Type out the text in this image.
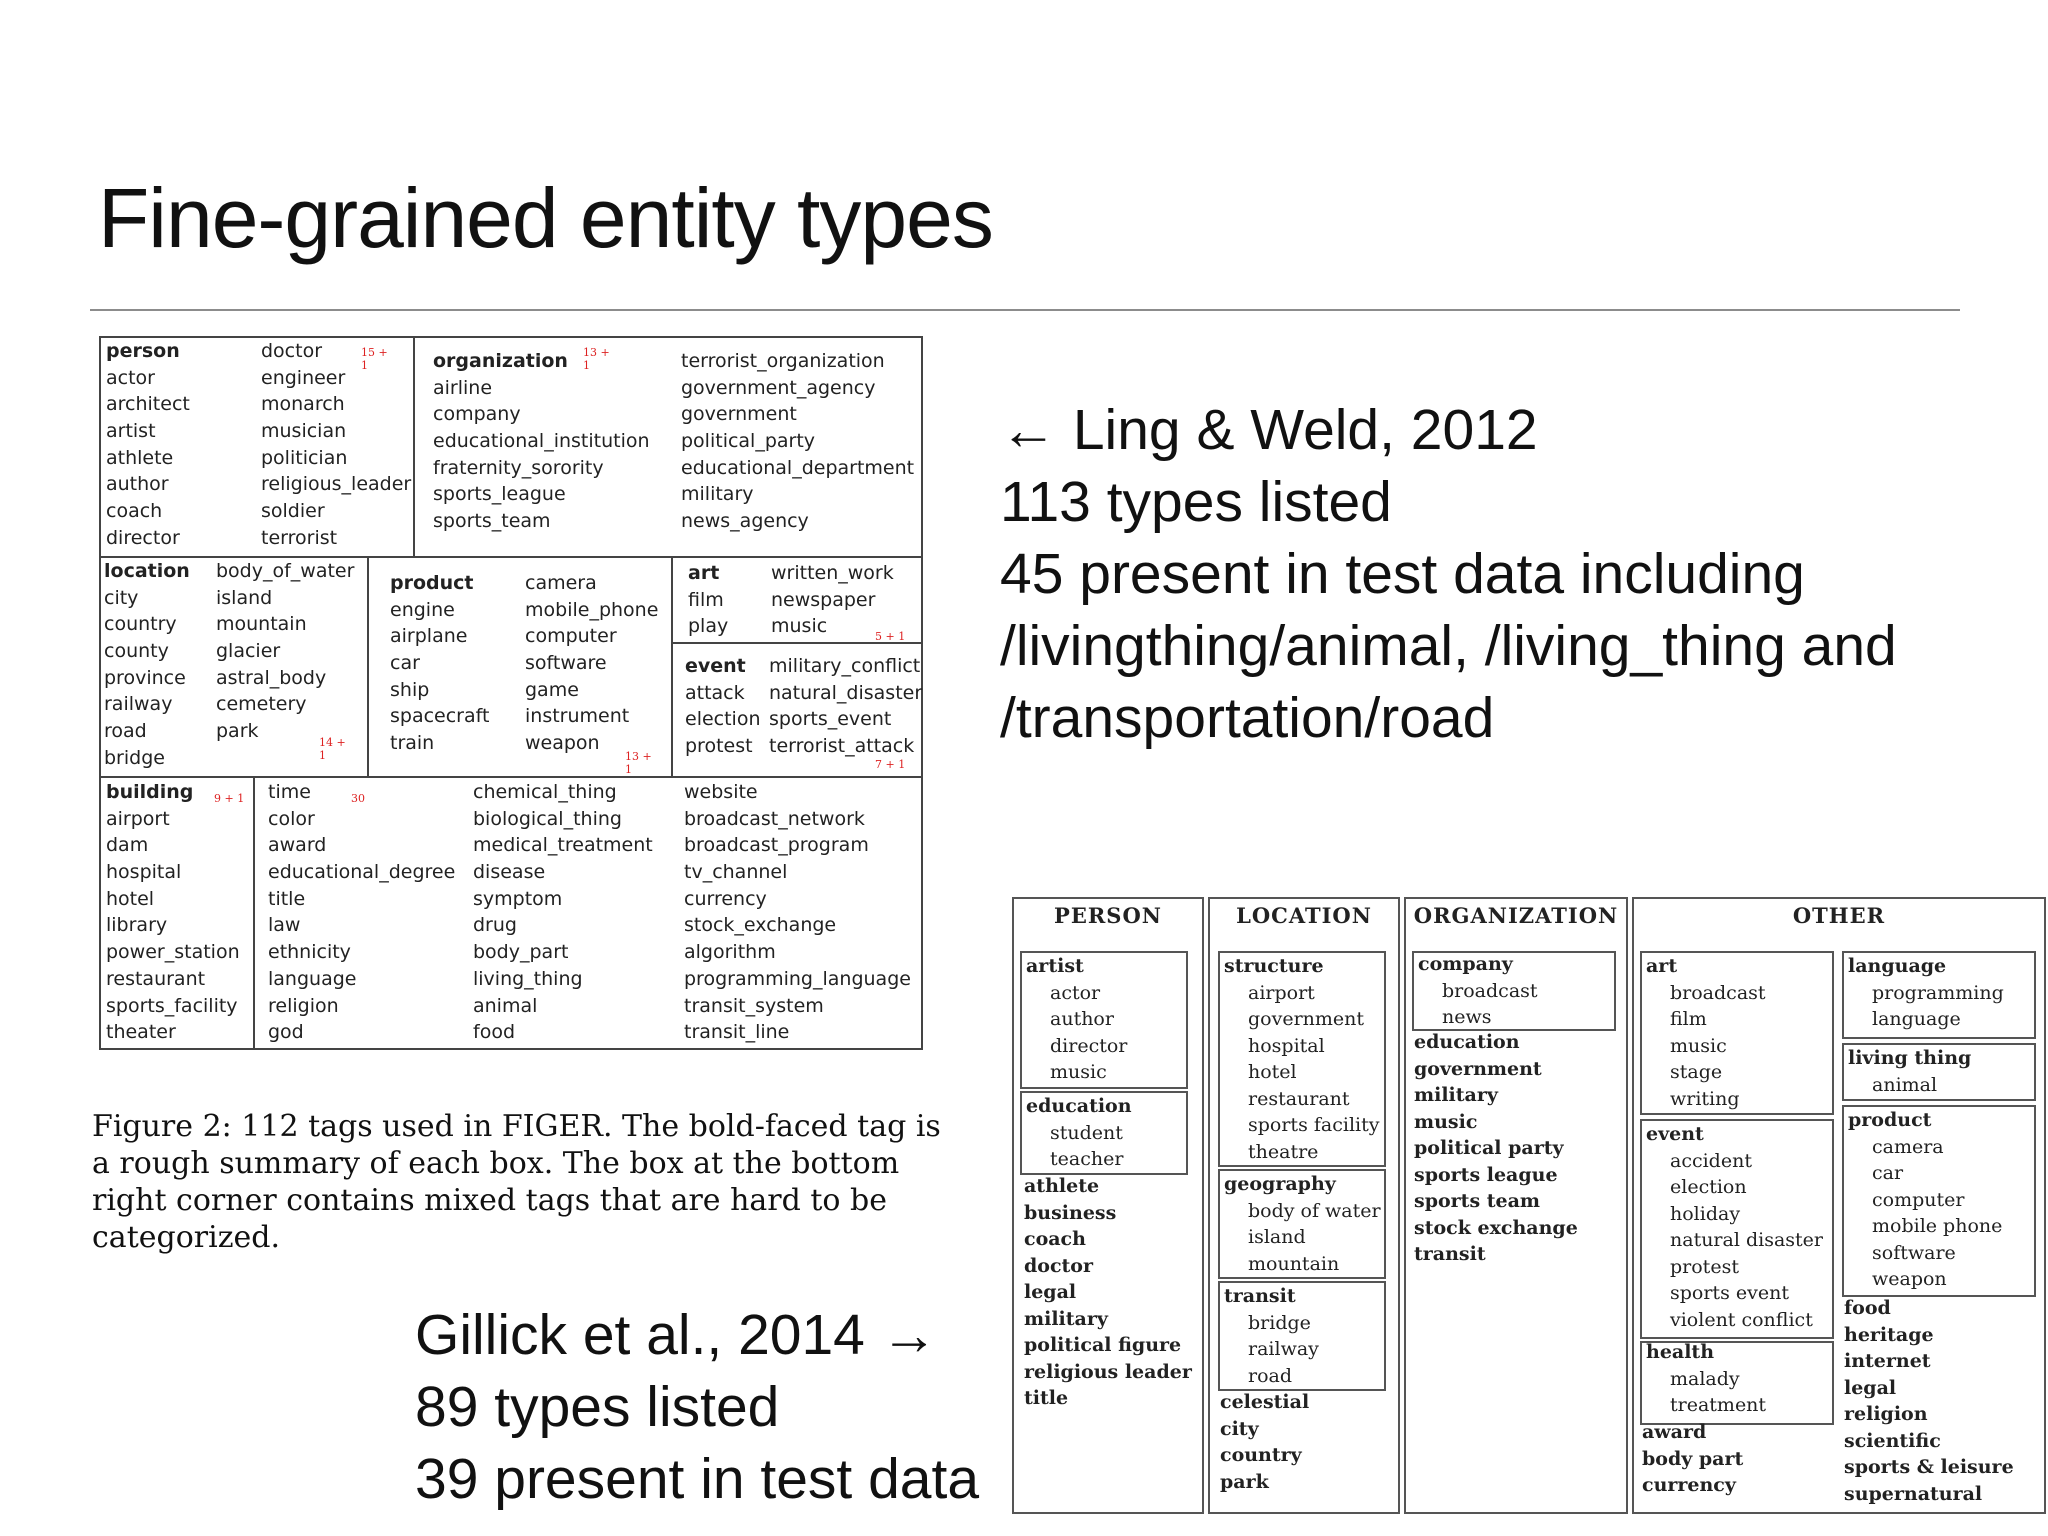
Fine-grained entity types
← Ling & Weld, 2012
113 types listed
45 present in test data including
/livingthing/animal, /living_thing and
/transportation/road
Gillick et al., 2014 →
89 types listed
39 present in test data
person
actor
architect
artist
athlete
author
coach
director
doctor
engineer
monarch
musician
politician
religious_leader
soldier
terrorist
15 +
1	organization
airline
company
educational_institution
fraternity_sorority
sports_league
sports_team
terrorist_organization
government_agency
government
political_party
educational_department
military
news_agency
13 +
1
location
city
country
county
province
railway
road
bridge
body_of_water
island
mountain
glacier
astral_body
cemetery
park
14 +
1
product
engine
airplane
car
ship
spacecraft
train
camera
mobile_phone
computer
software
game
instrument
weapon
13 +
1
art
film
play
written_work
newspaper
music	5 + 1
event
attack
election
protest
military_conflict
natural_disaster
sports_event
terrorist_attack
7 + 1
building
airport
dam
hospital
hotel
library
power_station
restaurant
sports_facility
theater
9 + 1 time
color
award
educational_degree
title
law
ethnicity
language
religion
god
chemical_thing
biological_thing
medical_treatment
disease
symptom
drug
body_part
living_thing
animal
food
website
broadcast_network
broadcast_program
tv_channel
currency
stock_exchange
algorithm
programming_language
transit_system
transit_line
30
Figure 2: 112 tags used in FIGER. The bold-faced tag is a rough summary of each box. The box at the bottom right corner contains mixed tags that are hard to be categorized.
PERSON
artist
actor
author
director
music
education
student
teacher
athlete
business
coach
doctor
legal
military
political figure
religious leader
title
LOCATION
structure
airport
government
hospital
hotel
restaurant
sports facility
theatre
geography
body of water
island
mountain
transit
bridge
railway
road
celestial
city
country
park
ORGANIZATION
company
broadcast
news
education
government
military
music
political party
sports league
sports team
stock exchange
transit
OTHER
art
broadcast
film
music
stage
writing
event
accident
election
holiday
natural disaster
protest
sports event
violent conflict
health
malady
treatment
award
body part
currency
language
programming
language
living thing
animal
product
camera
car
computer
mobile phone
software
weapon
food
heritage
internet
legal
religion
scientific
sports & leisure
supernatural
